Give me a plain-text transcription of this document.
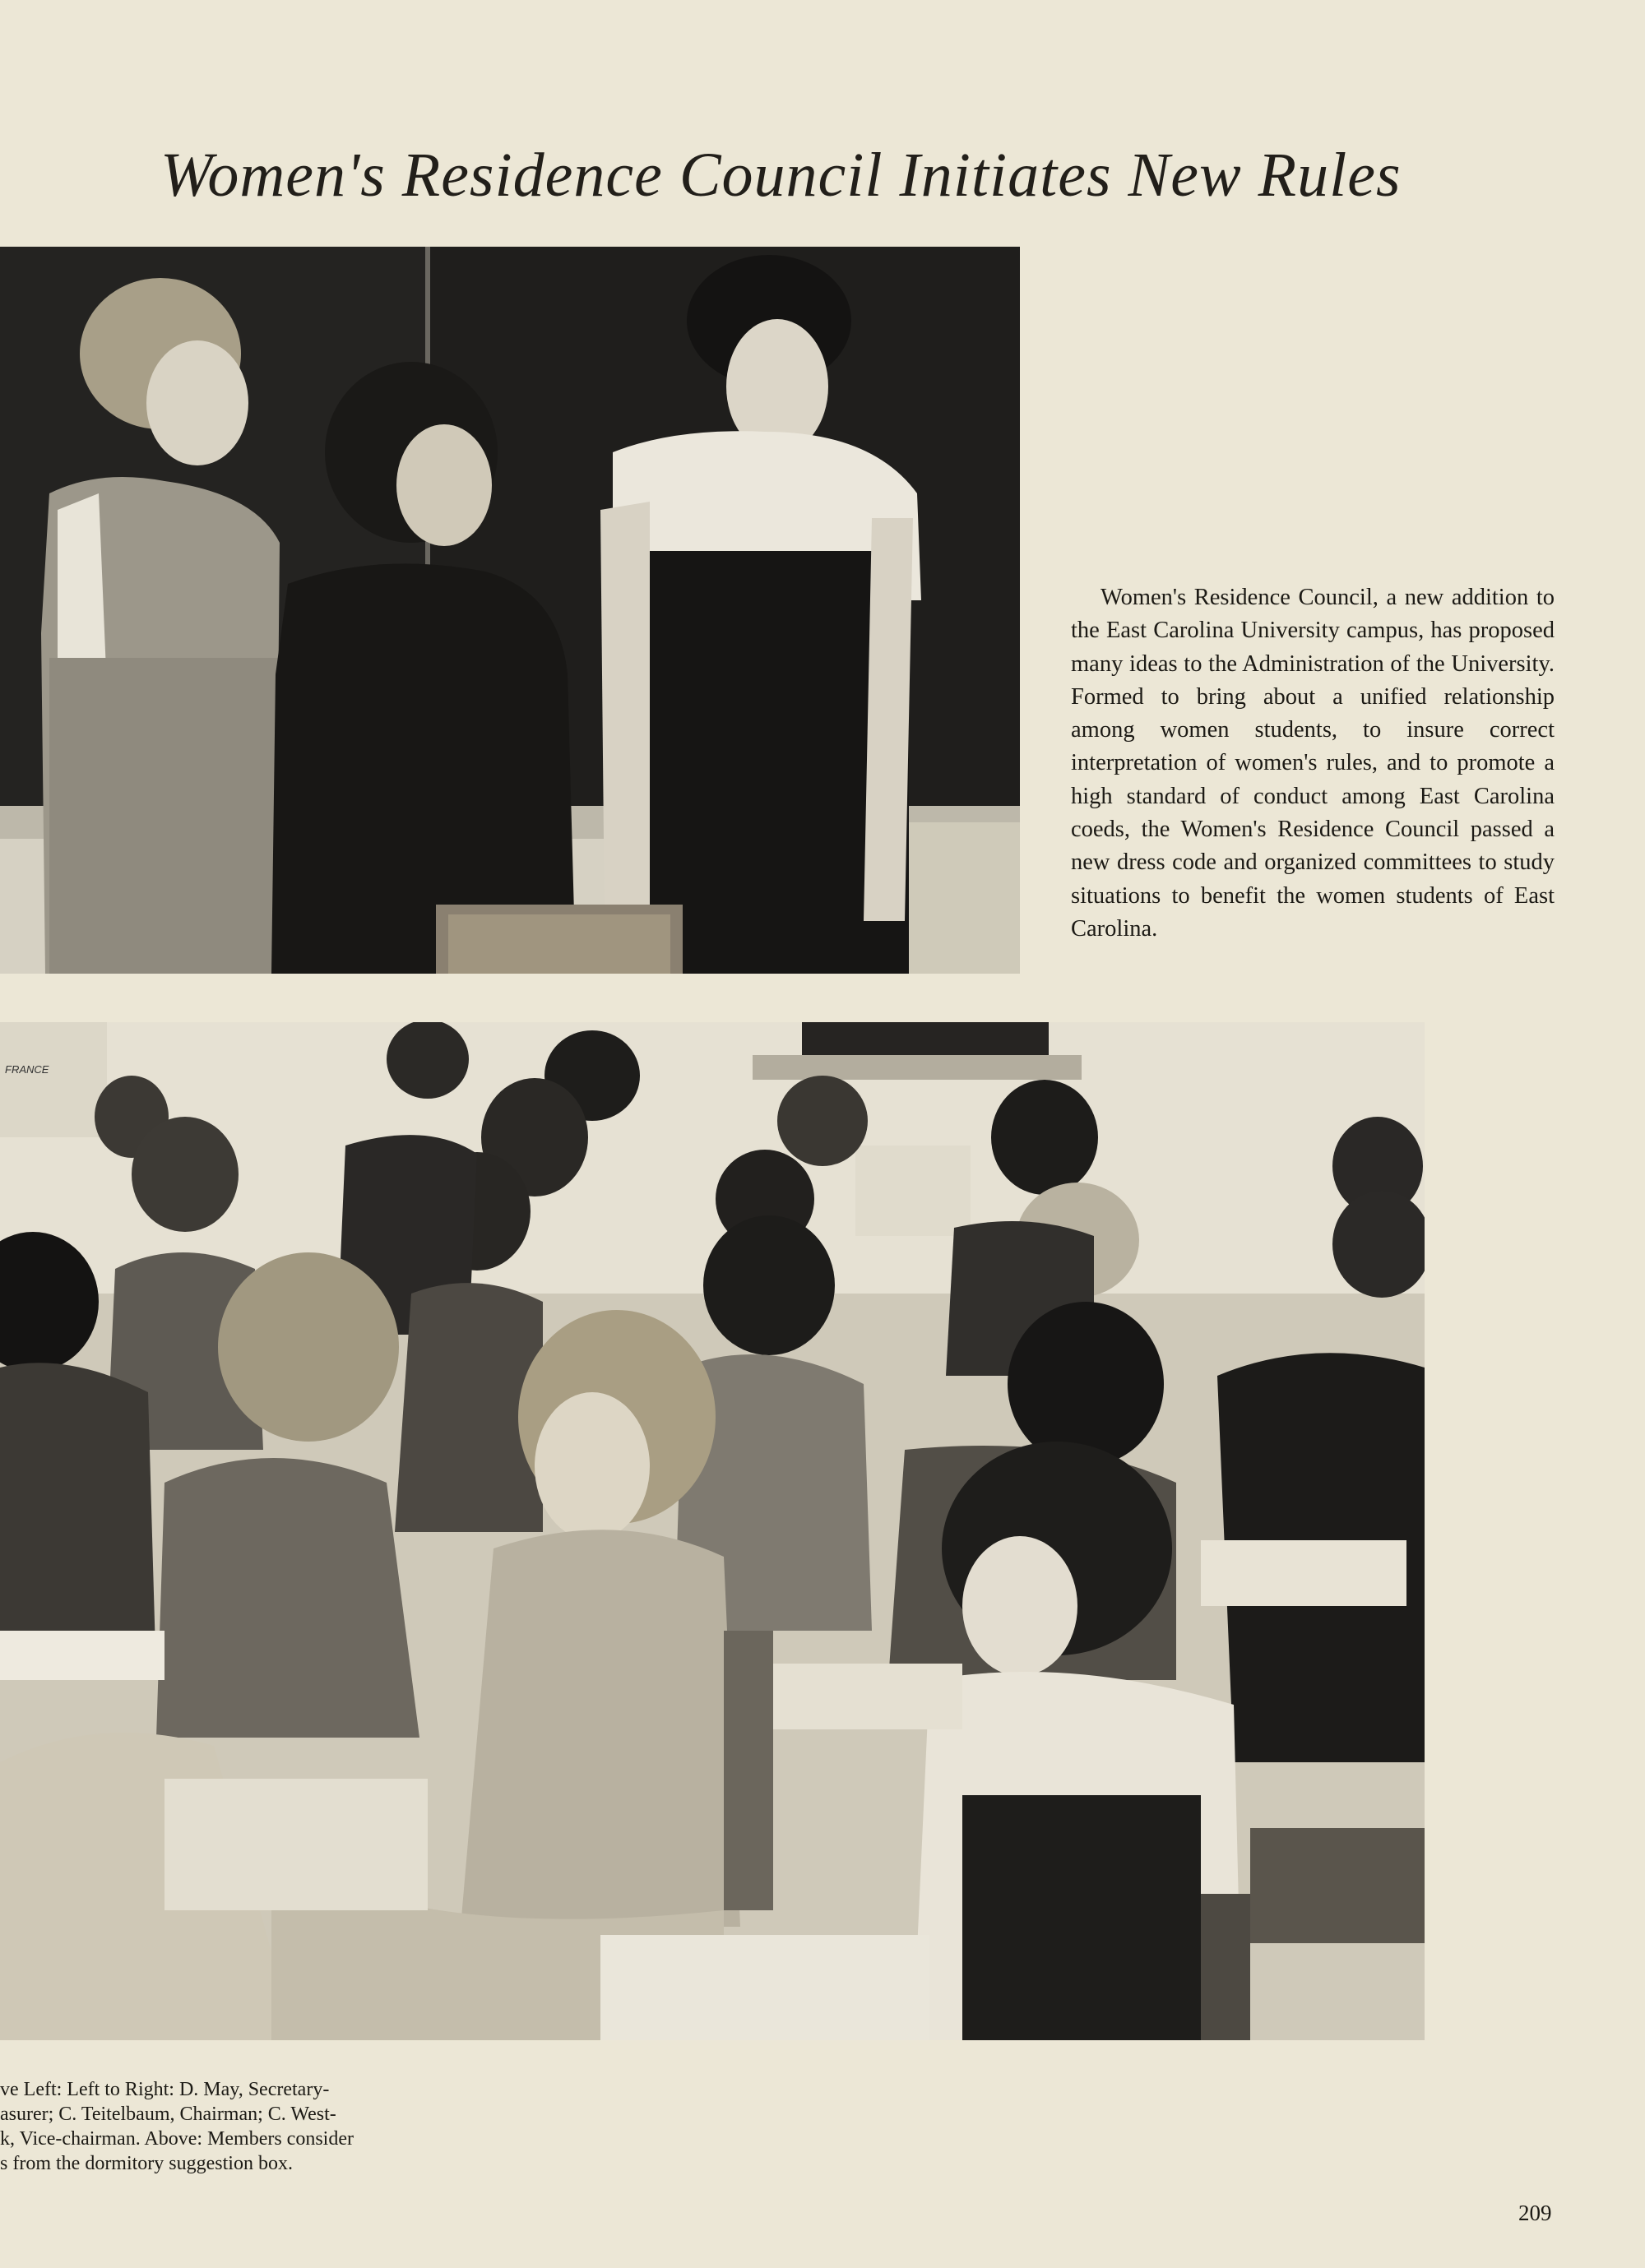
Women's Residence Council Initiates New Rules
Women's Residence Council, a new addition to the East Carolina University campus, has proposed many ideas to the Administration of the University. Formed to bring about a unified relationship among women students, to insure correct interpretation of women's rules, and to promote a high standard of conduct among East Carolina coeds, the Women's Residence Council passed a new dress code and organized committees to study situations to benefit the women students of East Carolina.
FRANCE
ve Left: Left to Right: D. May, Secretary-
asurer; C. Teitelbaum, Chairman; C. West-
k, Vice-chairman. Above: Members consider
s from the dormitory suggestion box.
209
